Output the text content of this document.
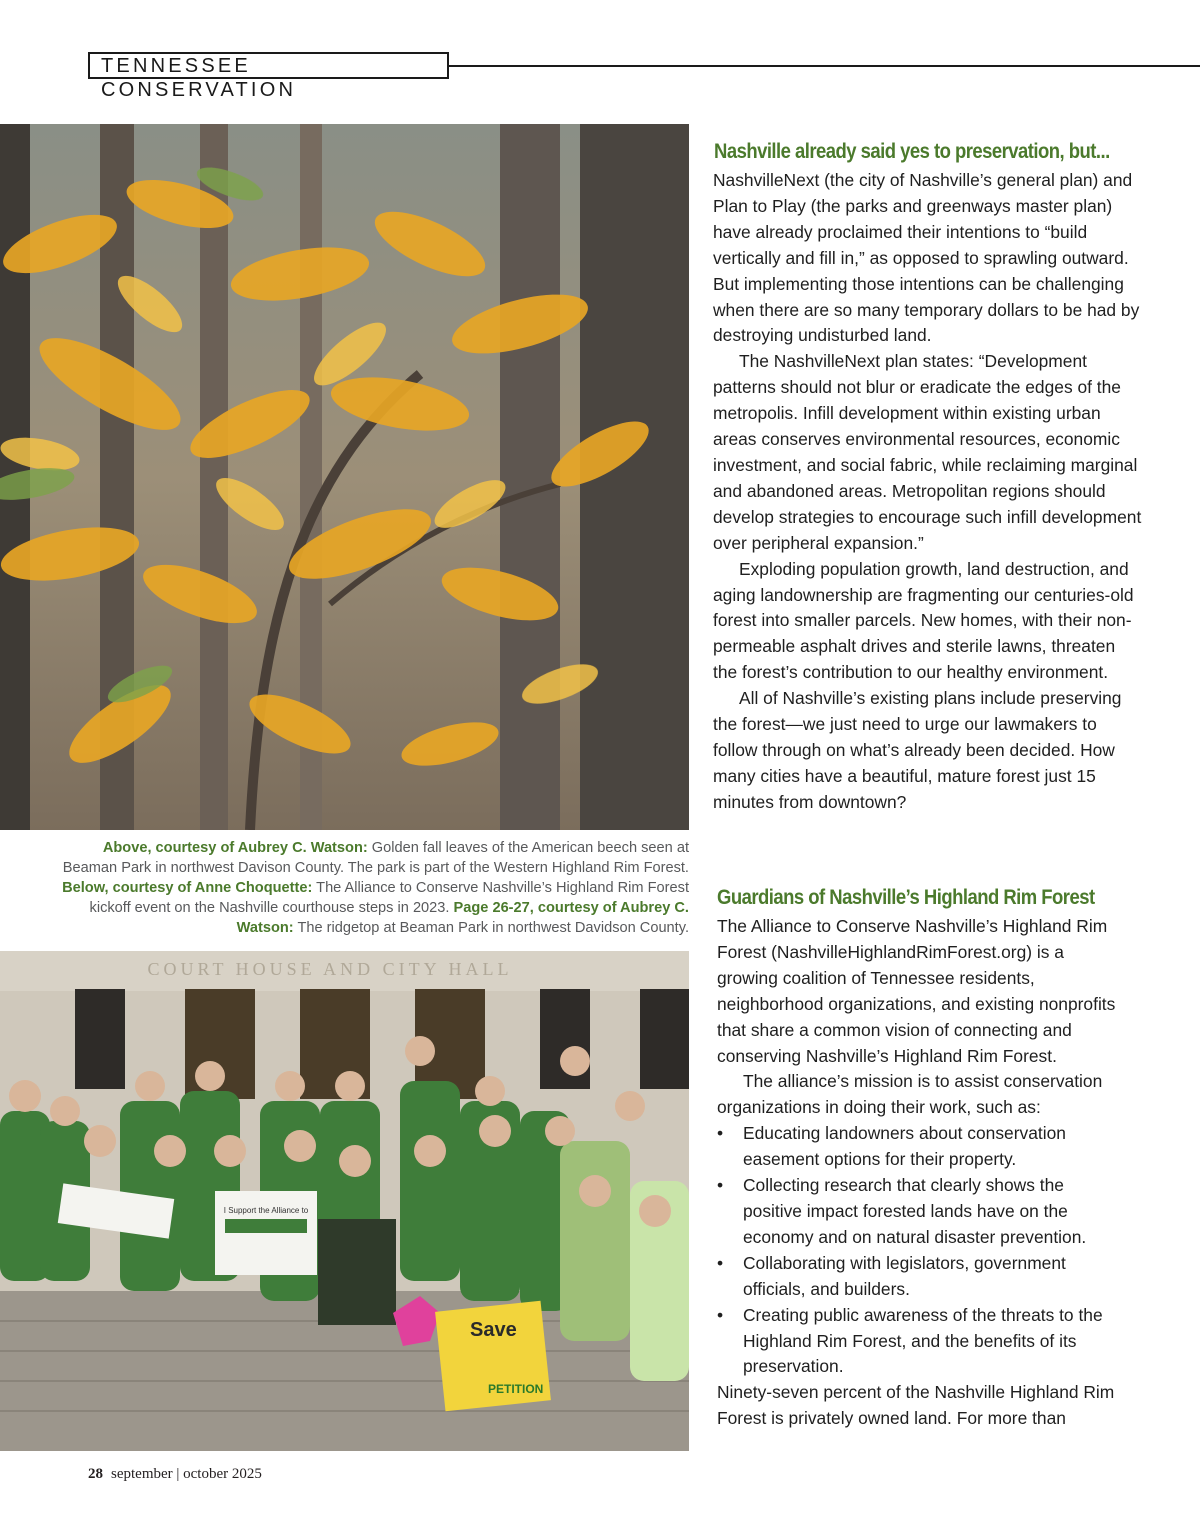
TENNESSEE CONSERVATION
Above, courtesy of Aubrey C. Watson: Golden fall leaves of the American beech seen at Beaman Park in northwest Davison County. The park is part of the Western Highland Rim Forest. Below, courtesy of Anne Choquette: The Alliance to Conserve Nashville’s Highland Rim Forest kickoff event on the Nashville courthouse steps in 2023. Page 26-27, courtesy of Aubrey C. Watson: The ridgetop at Beaman Park in northwest Davidson County.
COURT HOUSE AND CITY HALL
I Support the Alliance to
Save
PETITION
Nashville already said yes to preservation, but...

NashvilleNext (the city of Nashville’s general plan) and Plan to Play (the parks and greenways master plan) have already proclaimed their intentions to “build vertically and fill in,” as opposed to sprawling outward. But implementing those intentions can be challenging when there are so many temporary dollars to be had by destroying undisturbed land.

The NashvilleNext plan states: “Development patterns should not blur or eradicate the edges of the metropolis. Infill development within existing urban areas conserves environmental resources, economic investment, and social fabric, while reclaiming marginal and abandoned areas. Metropolitan regions should develop strategies to encourage such infill development over peripheral expansion.”

Exploding population growth, land destruction, and aging landownership are fragmenting our centuries-old forest into smaller parcels. New homes, with their non-permeable asphalt drives and sterile lawns, threaten the forest’s contribution to our healthy environment.

All of Nashville’s existing plans include preserving the forest—we just need to urge our lawmakers to follow through on what’s already been decided. How many cities have a beautiful, mature forest just 15 minutes from downtown?

Guardians of Nashville’s Highland Rim Forest

The Alliance to Conserve Nashville’s Highland Rim Forest (NashvilleHighlandRimForest.org) is a growing coalition of Tennessee residents, neighborhood organizations, and existing nonprofits that share a common vision of connecting and conserving Nashville’s Highland Rim Forest.

The alliance’s mission is to assist conservation organizations in doing their work, such as:

• Educating landowners about conservation easement options for their property.
• Collecting research that clearly shows the positive impact forested lands have on the economy and on natural disaster prevention.
• Collaborating with legislators, government officials, and builders.
• Creating public awareness of the threats to the Highland Rim Forest, and the benefits of its preservation.

Ninety-seven percent of the Nashville Highland Rim Forest is privately owned land. For more than

28 september | october 2025
